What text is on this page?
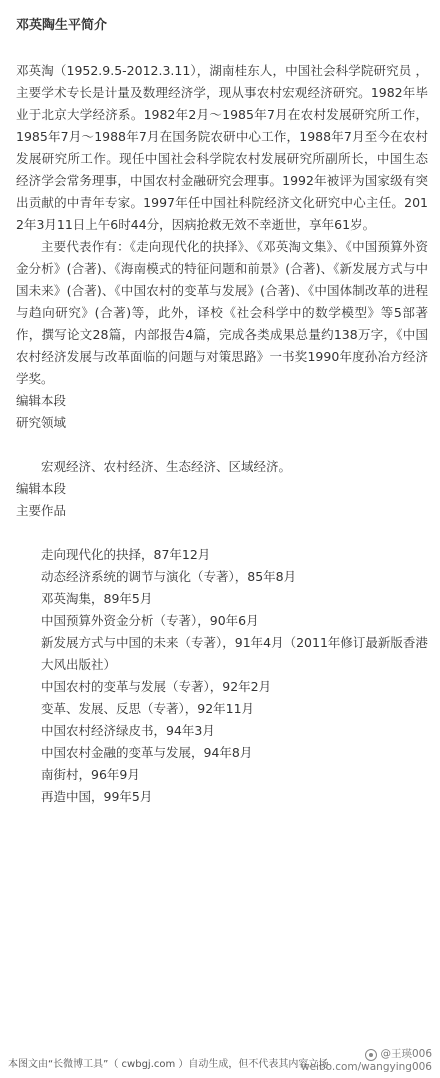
邓英陶生平简介

邓英淘（1952.9.5-2012.3.11），湖南桂东人，中国社会科学院研究员 ，主要学术专长是计量及数理经济学，现从事农村宏观经济研究。1982年毕业于北京大学经济系。1982年2月～1985年7月在农村发展研究所工作，1985年7月～1988年7月在国务院农研中心工作，1988年7月至今在农村发展研究所工作。现任中国社会科学院农村发展研究所副所长，中国生态经济学会常务理事，中国农村金融研究会理事。1992年被评为国家级有突出贡献的中青年专家。1997年任中国社科院经济文化研究中心主任。2012年3月11日上午6时44分，因病抢救无效不幸逝世，享年61岁。

主要代表作有：《走向现代化的抉择》、《邓英淘文集》、《中国预算外资金分析》(合著)、《海南模式的特征问题和前景》(合著)、《新发展方式与中国未来》(合著)、《中国农村的变革与发展》(合著)、《中国体制改革的进程与趋向研究》(合著)等，此外，译校《社会科学中的数学模型》等5部著作，撰写论文28篇，内部报告4篇，完成各类成果总量约138万字，《中国农村经济发展与改革面临的问题与对策思路》一书奖1990年度孙冶方经济学奖。

编辑本段

研究领域

宏观经济、农村经济、生态经济、区域经济。

编辑本段

主要作品

走向现代化的抉择，87年12月
动态经济系统的调节与演化（专著），85年8月
邓英淘集，89年5月
中国预算外资金分析（专著），90年6月
新发展方式与中国的未来（专著），91年4月（2011年修订最新版香港大风出版社）
中国农村的变革与发展（专著），92年2月
变革、发展、反思（专著），92年11月
中国农村经济绿皮书，94年3月
中国农村金融的变革与发展，94年8月
南街村，96年9月
再造中国，99年5月
本图文由“长微博工具”（ cwbgj.com ）自动生成，但不代表其内容立场
@王瑛006
weibo.com/wangying006
